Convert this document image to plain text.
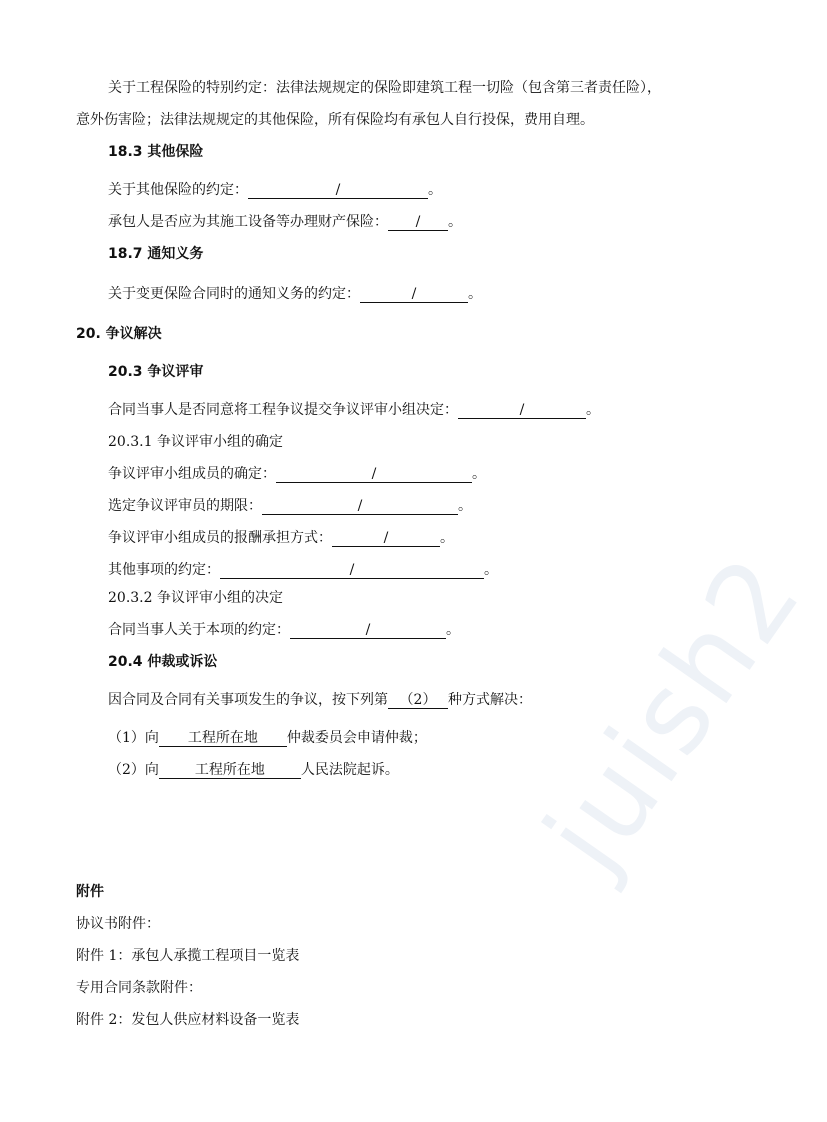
juish2
关于工程保险的特别约定：法律法规规定的保险即建筑工程一切险（包含第三者责任险），
意外伤害险；法律法规规定的其他保险，所有保险均有承包人自行投保，费用自理。
18.3 其他保险
关于其他保险的约定：	/	。
承包人是否应为其施工设备等办理财产保险： / 。
18.7 通知义务
关于变更保险合同时的通知义务的约定：	/	。
20. 争议解决
20.3 争议评审
合同当事人是否同意将工程争议提交争议评审小组决定：	/	。
20.3.1 争议评审小组的确定
争议评审小组成员的确定：	/	。
选定争议评审员的期限：	/	。
争议评审小组成员的报酬承担方式：	/	。
其他事项的约定：	/	。
20.3.2 争议评审小组的决定
合同当事人关于本项的约定：	/	。
20.4 仲裁或诉讼
因合同及合同有关事项发生的争议，按下列第 （2） 种方式解决：
（1）向 工程所在地 仲裁委员会申请仲裁；
（2）向	工程所在地	人民法院起诉。
附件
协议书附件：
附件 1：承包人承揽工程项目一览表
专用合同条款附件：
附件 2：发包人供应材料设备一览表
